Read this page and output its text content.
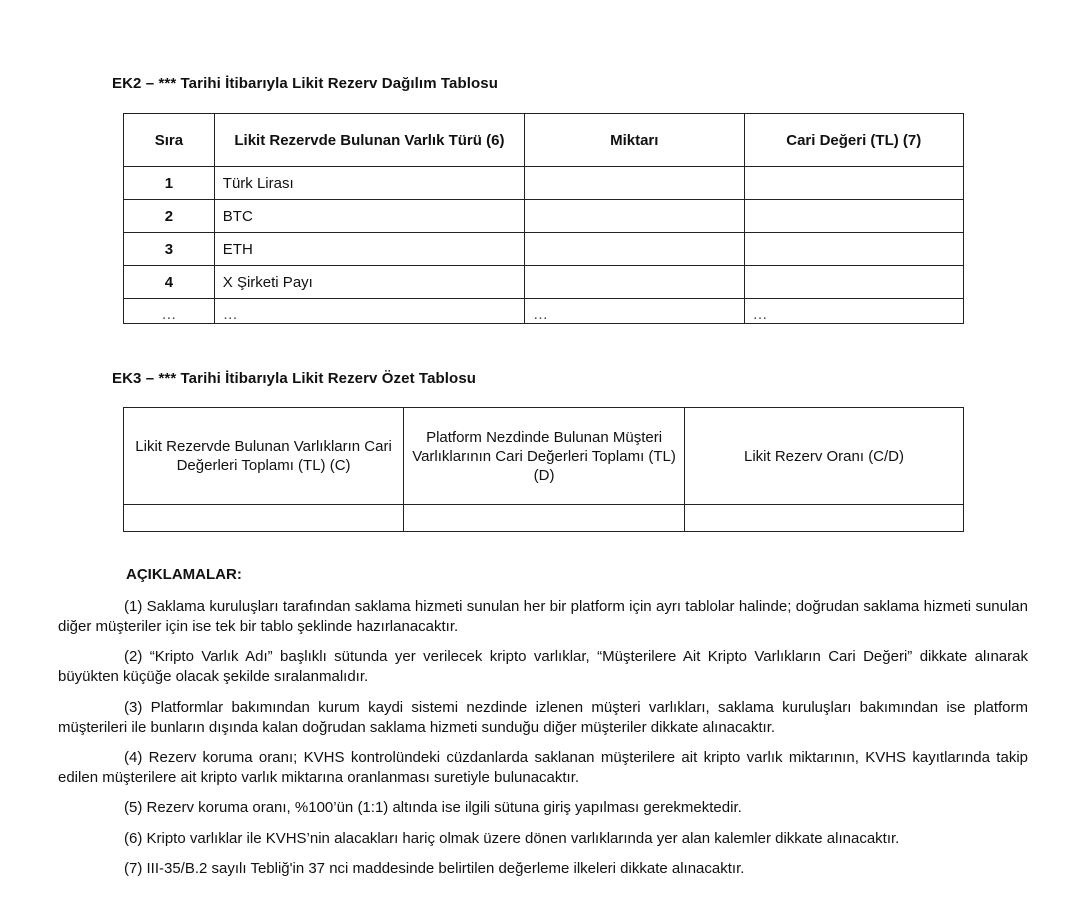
EK2 – *** Tarihi İtibarıyla Likit Rezerv Dağılım Tablosu
Sıra	Likit Rezervde Bulunan Varlık Türü (6)	Miktarı	Cari Değeri (TL) (7)
1	Türk Lirası		
2	BTC		
3	ETH		
4	X Şirketi Payı		
…	…	…	…
EK3 – *** Tarihi İtibarıyla Likit Rezerv Özet Tablosu
Likit Rezervde Bulunan Varlıkların Cari Değerleri Toplamı (TL) (C)	Platform Nezdinde Bulunan Müşteri Varlıklarının Cari Değerleri Toplamı (TL) (D)	Likit Rezerv Oranı (C/D)

AÇIKLAMALAR:
(1) Saklama kuruluşları tarafından saklama hizmeti sunulan her bir platform için ayrı tablolar halinde; doğrudan saklama hizmeti sunulan diğer müşteriler için ise tek bir tablo şeklinde hazırlanacaktır.
(2) “Kripto Varlık Adı” başlıklı sütunda yer verilecek kripto varlıklar, “Müşterilere Ait Kripto Varlıkların Cari Değeri” dikkate alınarak büyükten küçüğe olacak şekilde sıralanmalıdır.
(3) Platformlar bakımından kurum kaydi sistemi nezdinde izlenen müşteri varlıkları, saklama kuruluşları bakımından ise platform müşterileri ile bunların dışında kalan doğrudan saklama hizmeti sunduğu diğer müşteriler dikkate alınacaktır.
(4) Rezerv koruma oranı; KVHS kontrolündeki cüzdanlarda saklanan müşterilere ait kripto varlık miktarının, KVHS kayıtlarında takip edilen müşterilere ait kripto varlık miktarına oranlanması suretiyle bulunacaktır.
(5) Rezerv koruma oranı, %100’ün (1:1) altında ise ilgili sütuna giriş yapılması gerekmektedir.
(6) Kripto varlıklar ile KVHS’nin alacakları hariç olmak üzere dönen varlıklarında yer alan kalemler dikkate alınacaktır.
(7) III-35/B.2 sayılı Tebliğ'in 37 nci maddesinde belirtilen değerleme ilkeleri dikkate alınacaktır.
